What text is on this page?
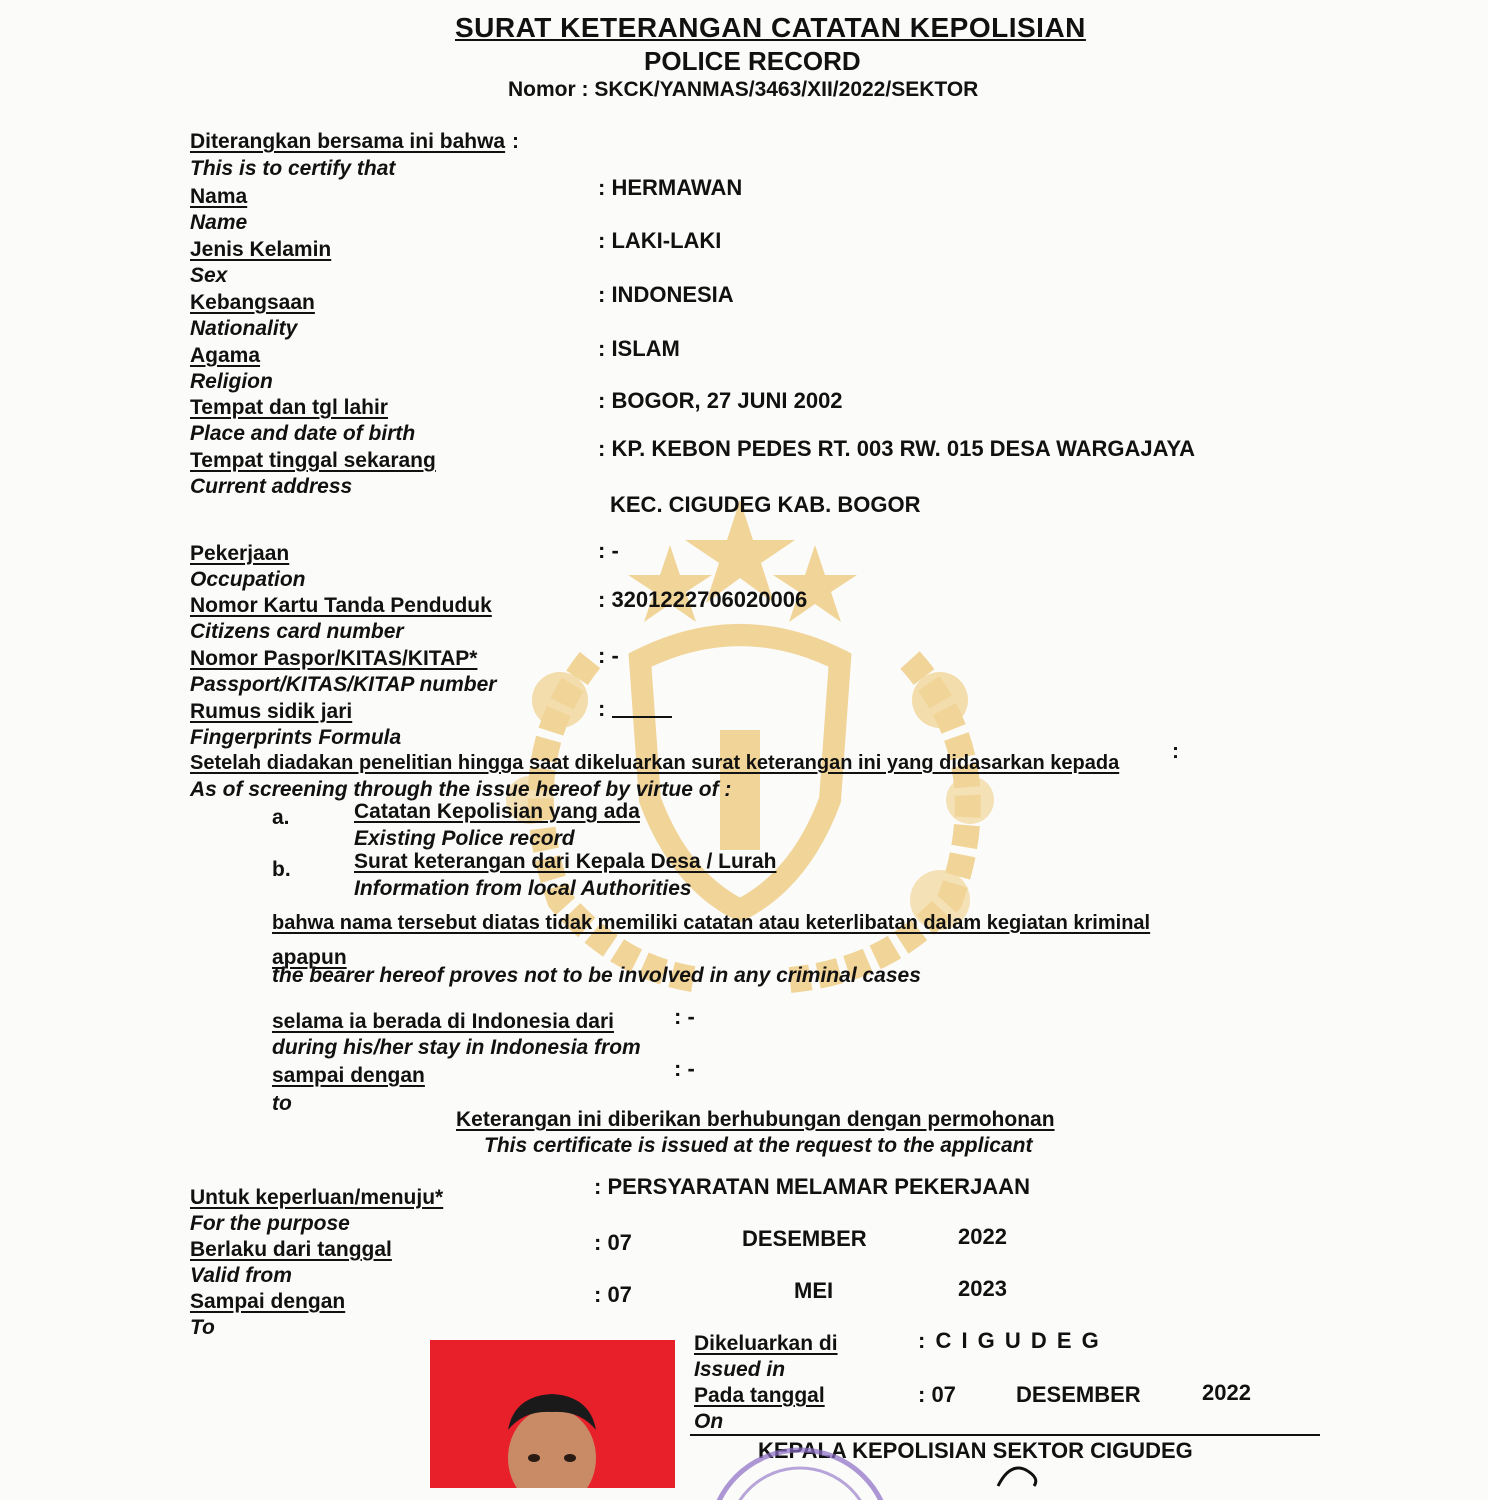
SURAT KETERANGAN CATATAN KEPOLISIAN
POLICE RECORD
Nomor : SKCK/YANMAS/3463/XII/2022/SEKTOR
Diterangkan bersama ini bahwa :
This is to certify that
Nama
Name
: HERMAWAN
Jenis Kelamin
Sex
: LAKI-LAKI
Kebangsaan
Nationality
: INDONESIA
Agama
Religion
: ISLAM
Tempat dan tgl lahir
Place and date of birth
: BOGOR, 27 JUNI 2002
Tempat tinggal sekarang
Current address
: KP. KEBON PEDES RT. 003 RW. 015 DESA WARGAJAYA
KEC. CIGUDEG KAB. BOGOR
Pekerjaan
Occupation
: -
Nomor Kartu Tanda Penduduk
Citizens card number
: 3201222706020006
Nomor Paspor/KITAS/KITAP*
Passport/KITAS/KITAP number
: -
Rumus sidik jari
Fingerprints Formula
:
Setelah diadakan penelitian hingga saat dikeluarkan surat keterangan ini yang didasarkan kepada	:
As of screening through the issue hereof by virtue of :
a.	Catatan Kepolisian yang ada
Existing Police record
b.	Surat keterangan dari Kepala Desa / Lurah
Information from local Authorities
bahwa nama tersebut diatas tidak memiliki catatan atau keterlibatan dalam kegiatan kriminal
apapun
the bearer hereof proves not to be involved in any criminal cases
selama ia berada di Indonesia dari
during his/her stay in Indonesia from
: -
sampai dengan
to
: -
Keterangan ini diberikan berhubungan dengan permohonan
This certificate is issued at the request to the applicant
Untuk keperluan/menuju*
For the purpose
: PERSYARATAN MELAMAR PEKERJAAN
Berlaku dari tanggal
Valid from
: 07	DESEMBER	2022
Sampai dengan
To
: 07	MEI	2023
Dikeluarkan di
Issued in
: C I G U D E G
Pada tanggal
On
: 07	DESEMBER	2022
KEPALA KEPOLISIAN SEKTOR CIGUDEG
